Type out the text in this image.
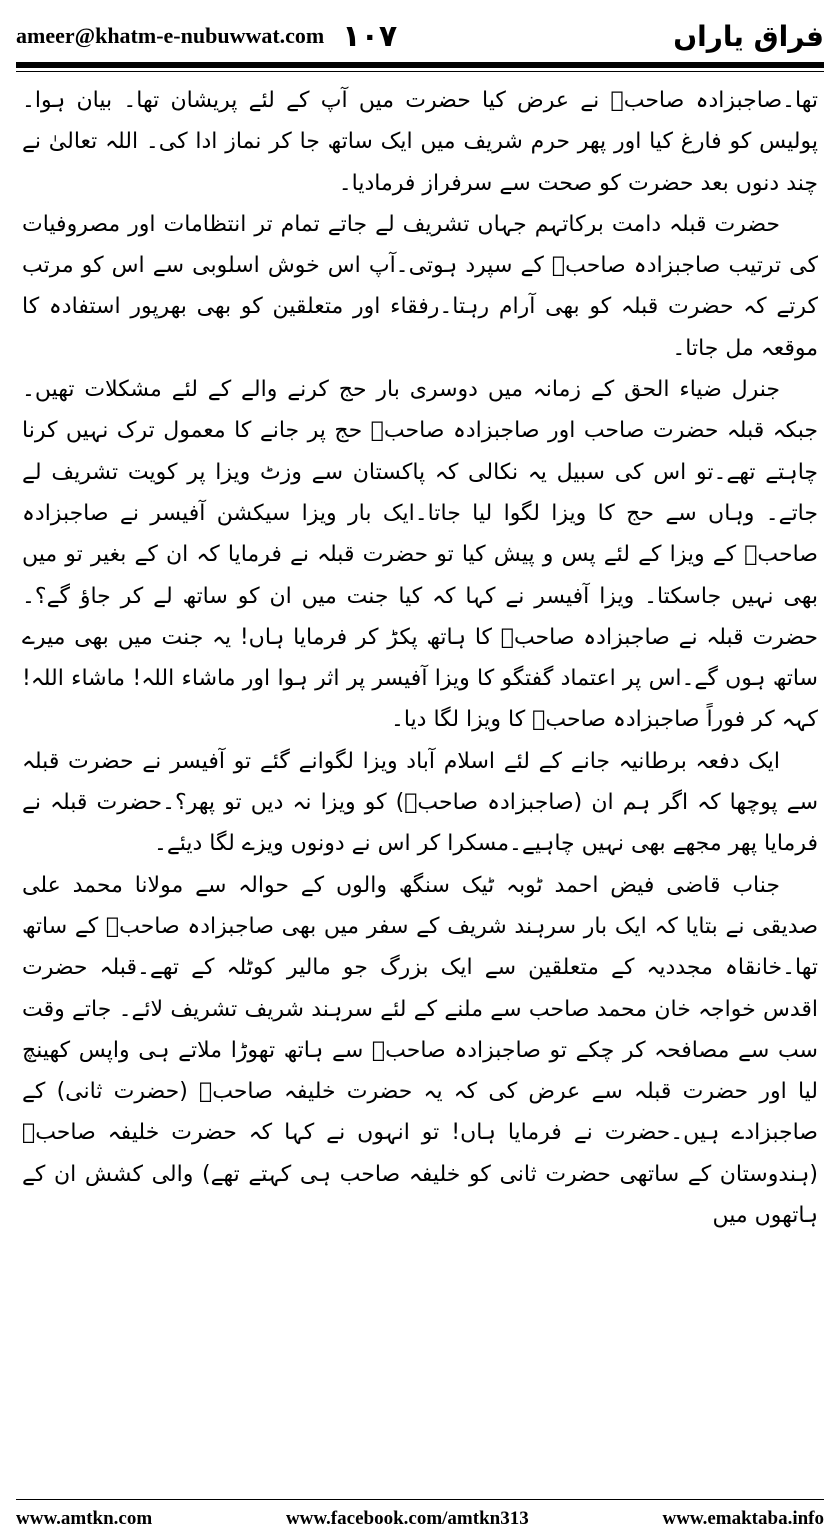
ameer@khatm-e-nubuwwat.com ۱۰۷	فراق یاراں

تھا۔صاجبزادہ صاحبؒ نے عرض کیا حضرت میں آپ کے لئے پریشان تھا۔ بیان ہوا۔پولیس کو فارغ کیا اور پھر حرم شریف میں ایک ساتھ جا کر نماز ادا کی۔ اللہ تعالیٰ نے چند دنوں بعد حضرت کو صحت سے سرفراز فرمادیا۔

حضرت قبلہ دامت برکاتہم جہاں تشریف لے جاتے تمام تر انتظامات اور مصروفیات کی ترتیب صاجبزادہ صاحبؒ کے سپرد ہوتی۔آپ اس خوش اسلوبی سے اس کو مرتب کرتے کہ حضرت قبلہ کو بھی آرام رہتا۔رفقاء اور متعلقین کو بھی بھرپور استفادہ کا موقعہ مل جاتا۔

جنرل ضیاء الحق کے زمانہ میں دوسری بار حج کرنے والے کے لئے مشکلات تھیں۔جبکہ قبلہ حضرت صاحب اور صاجبزادہ صاحبؒ حج پر جانے کا معمول ترک نہیں کرنا چاہتے تھے۔تو اس کی سبیل یہ نکالی کہ پاکستان سے وزٹ ویزا پر کویت تشریف لے جاتے۔ وہاں سے حج کا ویزا لگوا لیا جاتا۔ایک بار ویزا سیکشن آفیسر نے صاجبزادہ صاحبؒ کے ویزا کے لئے پس و پیش کیا تو حضرت قبلہ نے فرمایا کہ ان کے بغیر تو میں بھی نہیں جاسکتا۔ ویزا آفیسر نے کہا کہ کیا جنت میں ان کو ساتھ لے کر جاؤ گے؟۔حضرت قبلہ نے صاجبزادہ صاحبؒ کا ہاتھ پکڑ کر فرمایا ہاں! یہ جنت میں بھی میرے ساتھ ہوں گے۔اس پر اعتماد گفتگو کا ویزا آفیسر پر اثر ہوا اور ماشاء اللہ! ماشاء اللہ! کہہ کر فوراً صاجبزادہ صاحبؒ کا ویزا لگا دیا۔

ایک دفعہ برطانیہ جانے کے لئے اسلام آباد ویزا لگوانے گئے تو آفیسر نے حضرت قبلہ سے پوچھا کہ اگر ہم ان (صاجبزادہ صاحبؒ) کو ویزا نہ دیں تو پھر؟۔حضرت قبلہ نے فرمایا پھر مجھے بھی نہیں چاہیے۔مسکرا کر اس نے دونوں ویزے لگا دیئے۔

جناب قاضی فیض احمد ٹوبہ ٹیک سنگھ والوں کے حوالہ سے مولانا محمد علی صدیقی نے بتایا کہ ایک بار سرہند شریف کے سفر میں بھی صاجبزادہ صاحبؒ کے ساتھ تھا۔خانقاہ مجددیہ کے متعلقین سے ایک بزرگ جو مالیر کوٹلہ کے تھے۔قبلہ حضرت اقدس خواجہ خان محمد صاحب سے ملنے کے لئے سرہند شریف تشریف لائے۔ جاتے وقت سب سے مصافحہ کر چکے تو صاجبزادہ صاحبؒ سے ہاتھ تھوڑا ملاتے ہی واپس کھینچ لیا اور حضرت قبلہ سے عرض کی کہ یہ حضرت خلیفہ صاحبؒ (حضرت ثانی) کے صاجبزادے ہیں۔حضرت نے فرمایا ہاں! تو انہوں نے کہا کہ حضرت خلیفہ صاحبؒ (ہندوستان کے ساتھی حضرت ثانی کو خلیفہ صاحب ہی کہتے تھے) والی کشش ان کے ہاتھوں میں

www.amtkn.com	www.facebook.com/amtkn313	www.emaktaba.info
